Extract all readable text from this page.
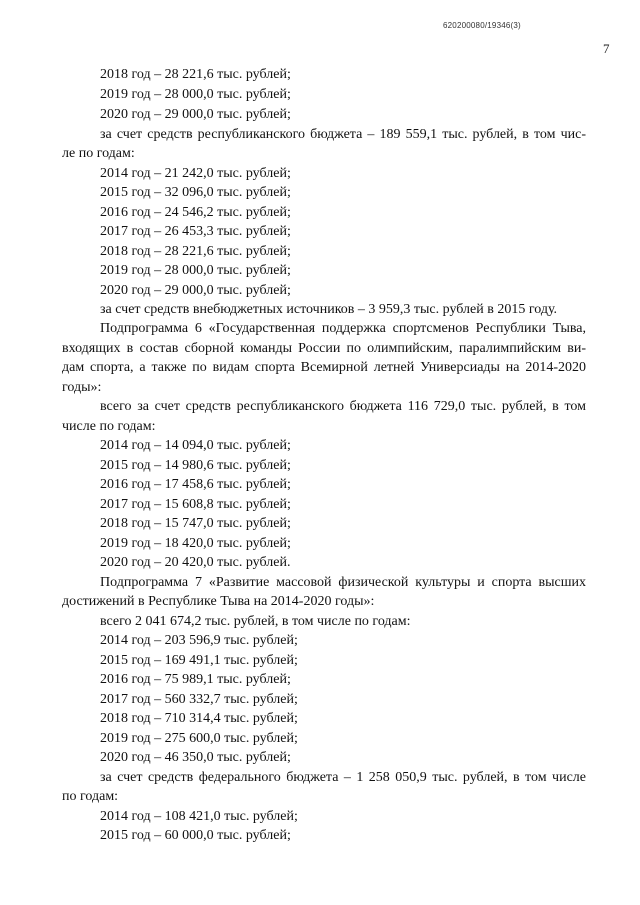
620200080/19346(3)
7
2018 год – 28 221,6 тыс. рублей;
2019 год – 28 000,0 тыс. рублей;
2020 год – 29 000,0 тыс. рублей;
за счет средств республиканского бюджета – 189 559,1 тыс. рублей, в том чис-
ле по годам:
2014 год – 21 242,0 тыс. рублей;
2015 год – 32 096,0 тыс. рублей;
2016 год – 24 546,2 тыс. рублей;
2017 год – 26 453,3 тыс. рублей;
2018 год – 28 221,6 тыс. рублей;
2019 год – 28 000,0 тыс. рублей;
2020 год – 29 000,0 тыс. рублей;
за счет средств внебюджетных источников – 3 959,3 тыс. рублей в 2015 году.
Подпрограмма 6 «Государственная поддержка спортсменов Республики Тыва,
входящих в состав сборной команды России по олимпийским, паралимпийским ви-
дам спорта, а также по видам спорта Всемирной летней Универсиады на 2014-2020
годы»:
всего за счет средств республиканского бюджета 116 729,0 тыс. рублей, в том
числе по годам:
2014 год – 14 094,0 тыс. рублей;
2015 год – 14 980,6 тыс. рублей;
2016 год – 17 458,6 тыс. рублей;
2017 год – 15 608,8 тыс. рублей;
2018 год – 15 747,0 тыс. рублей;
2019 год – 18 420,0 тыс. рублей;
2020 год – 20 420,0 тыс. рублей.
Подпрограмма 7 «Развитие массовой физической культуры и спорта высших
достижений в Республике Тыва на 2014-2020 годы»:
всего 2 041 674,2 тыс. рублей, в том числе по годам:
2014 год – 203 596,9 тыс. рублей;
2015 год – 169 491,1 тыс. рублей;
2016 год – 75 989,1 тыс. рублей;
2017 год – 560 332,7 тыс. рублей;
2018 год – 710 314,4 тыс. рублей;
2019 год – 275 600,0 тыс. рублей;
2020 год – 46 350,0 тыс. рублей;
за счет средств федерального бюджета – 1 258 050,9 тыс. рублей, в том числе
по годам:
2014 год – 108 421,0 тыс. рублей;
2015 год – 60 000,0 тыс. рублей;
